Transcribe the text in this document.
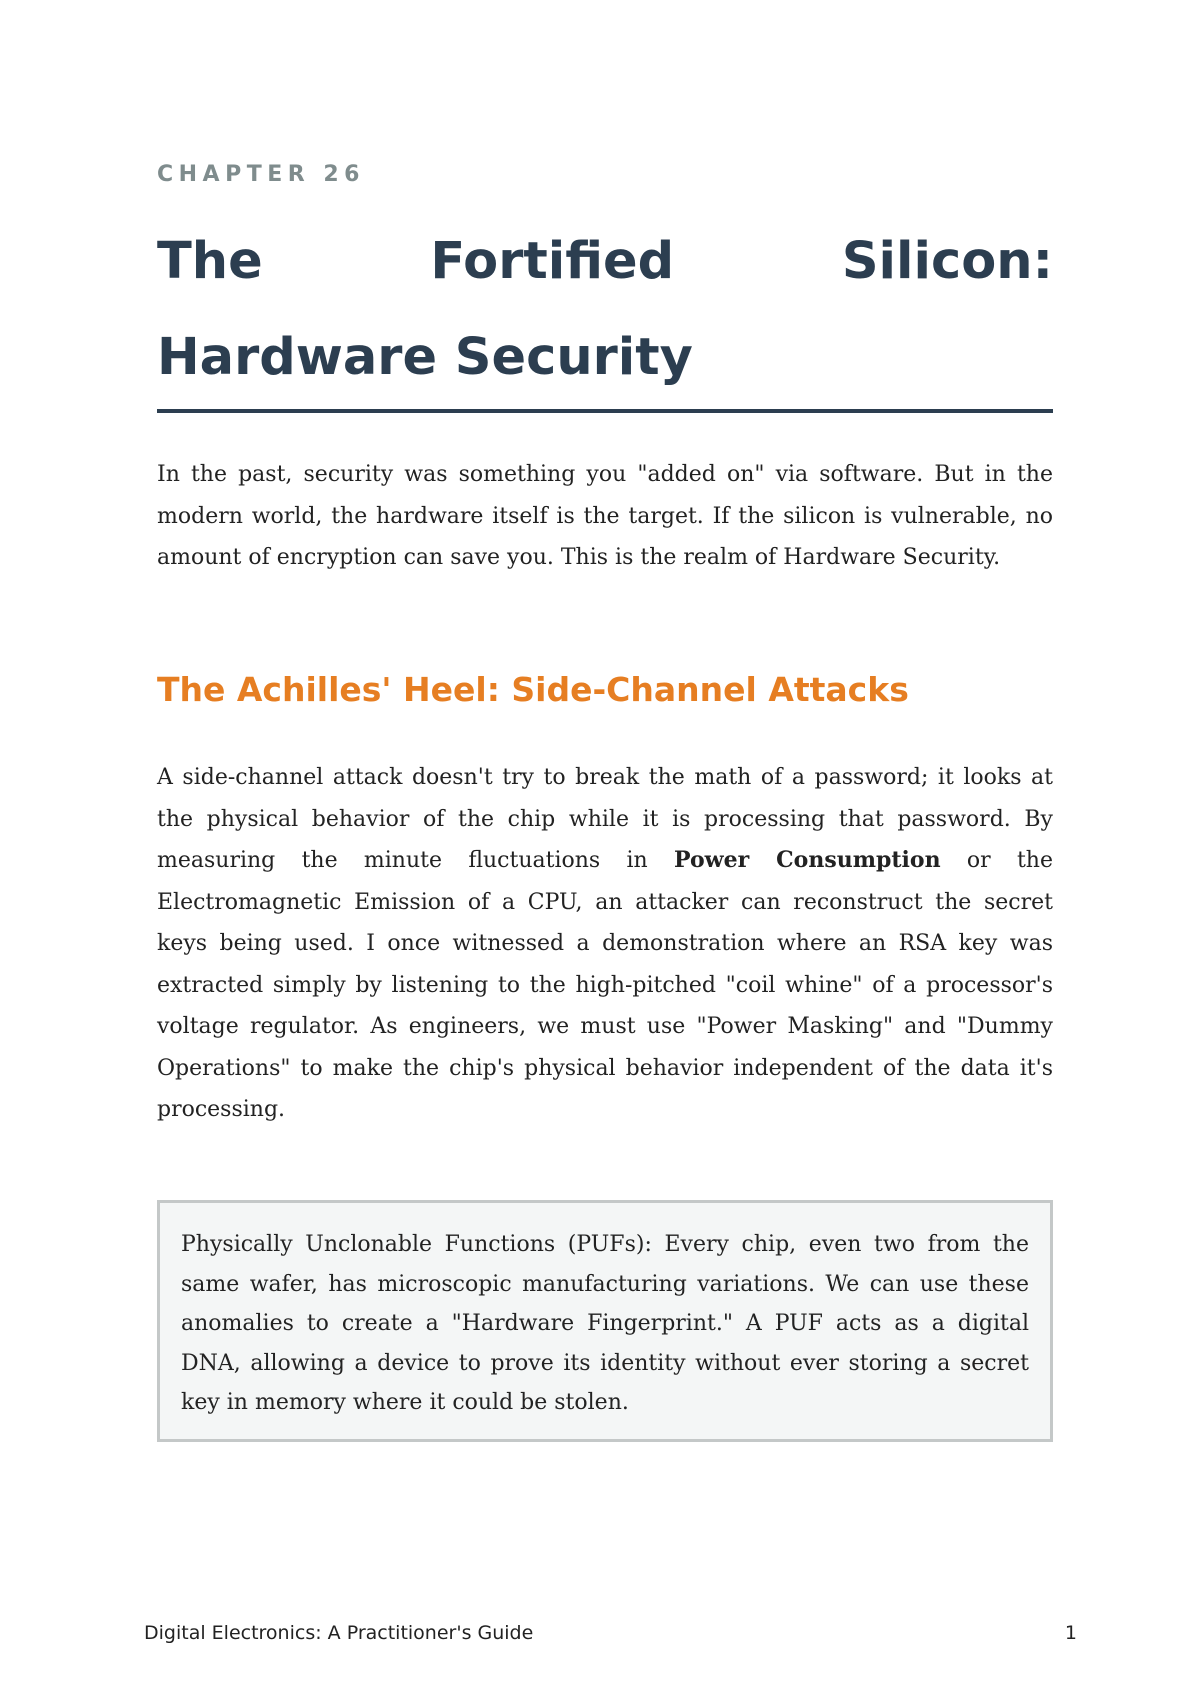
CHAPTER 26
The	Fortified	Silicon:
Hardware Security

In the past, security was something you "added on" via software. But in the modern world, the hardware itself is the target. If the silicon is vulnerable, no amount of encryption can save you. This is the realm of Hardware Security.

The Achilles' Heel: Side-Channel Attacks

A side-channel attack doesn't try to break the math of a password; it looks at the physical behavior of the chip while it is processing that password. By measuring the minute fluctuations in Power Consumption or the Electromagnetic Emission of a CPU, an attacker can reconstruct the secret keys being used. I once witnessed a demonstration where an RSA key was extracted simply by listening to the high-pitched "coil whine" of a processor's voltage regulator. As engineers, we must use "Power Masking" and "Dummy Operations" to make the chip's physical behavior independent of the data it's processing.

Physically Unclonable Functions (PUFs): Every chip, even two from the same wafer, has microscopic manufacturing variations. We can use these anomalies to create a "Hardware Fingerprint." A PUF acts as a digital DNA, allowing a device to prove its identity without ever storing a secret key in memory where it could be stolen.

Digital Electronics: A Practitioner's Guide	1
